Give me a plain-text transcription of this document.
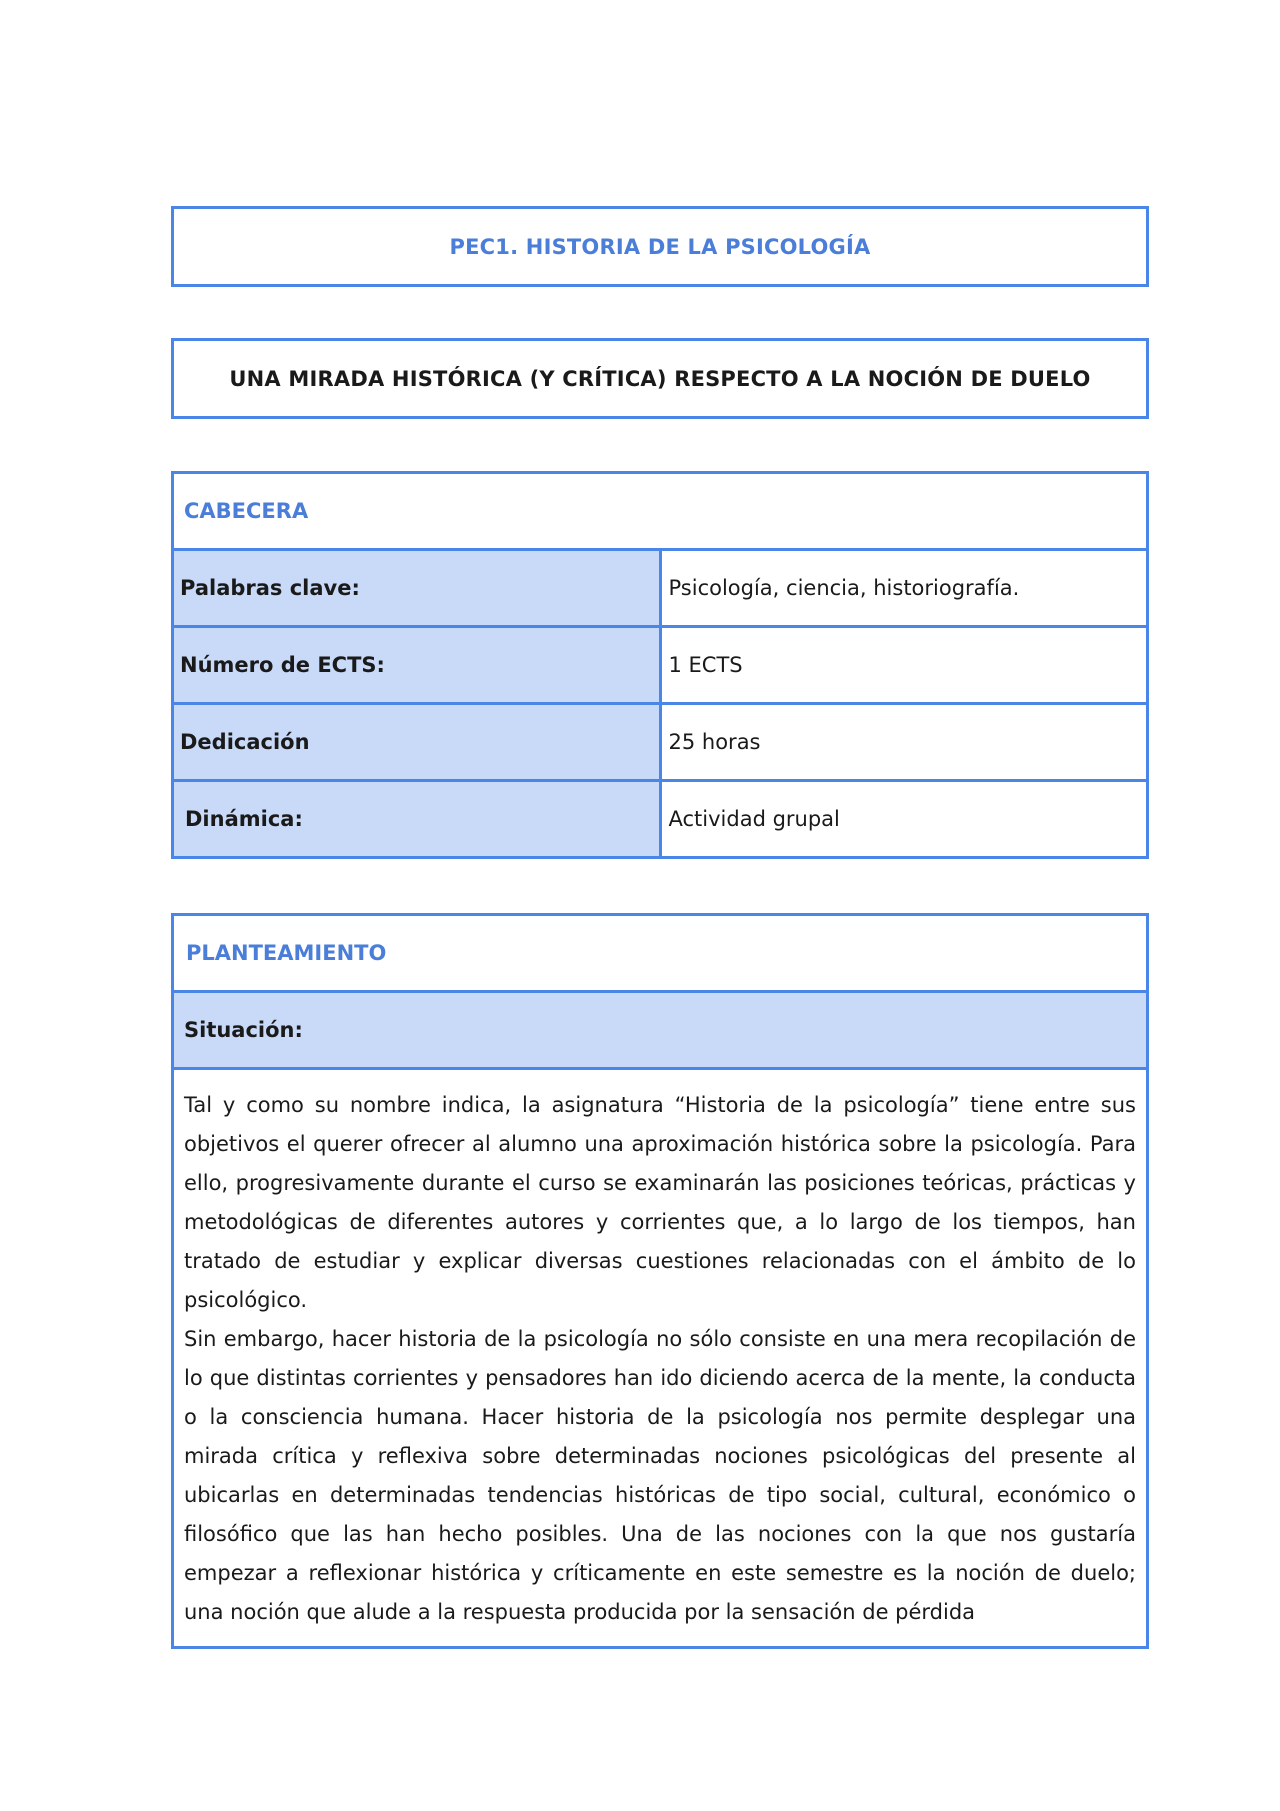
PEC1. HISTORIA DE LA PSICOLOGÍA
UNA MIRADA HISTÓRICA (Y CRÍTICA) RESPECTO A LA NOCIÓN DE DUELO
CABECERA	
Palabras clave:	Psicología, ciencia, historiografía.
Número de ECTS:	1 ECTS
Dedicación	25 horas
Dinámica:	Actividad grupal
PLANTEAMIENTO
Situación:

Tal y como su nombre indica, la asignatura “Historia de la psicología” tiene entre sus objetivos el querer ofrecer al alumno una aproximación histórica sobre la psicología. Para ello, progresivamente durante el curso se examinarán las posiciones teóricas, prácticas y metodológicas de diferentes autores y corrientes que, a lo largo de los tiempos, han tratado de estudiar y explicar diversas cuestiones relacionadas con el ámbito de lo psicológico.

Sin embargo, hacer historia de la psicología no sólo consiste en una mera recopilación de lo que distintas corrientes y pensadores han ido diciendo acerca de la mente, la conducta o la consciencia humana. Hacer historia de la psicología nos permite desplegar una mirada crítica y reflexiva sobre determinadas nociones psicológicas del presente al ubicarlas en determinadas tendencias históricas de tipo social, cultural, económico o filosófico que las han hecho posibles. Una de las nociones con la que nos gustaría empezar a reflexionar histórica y críticamente en este semestre es la noción de duelo; una noción que alude a la respuesta producida por la sensación de pérdida
